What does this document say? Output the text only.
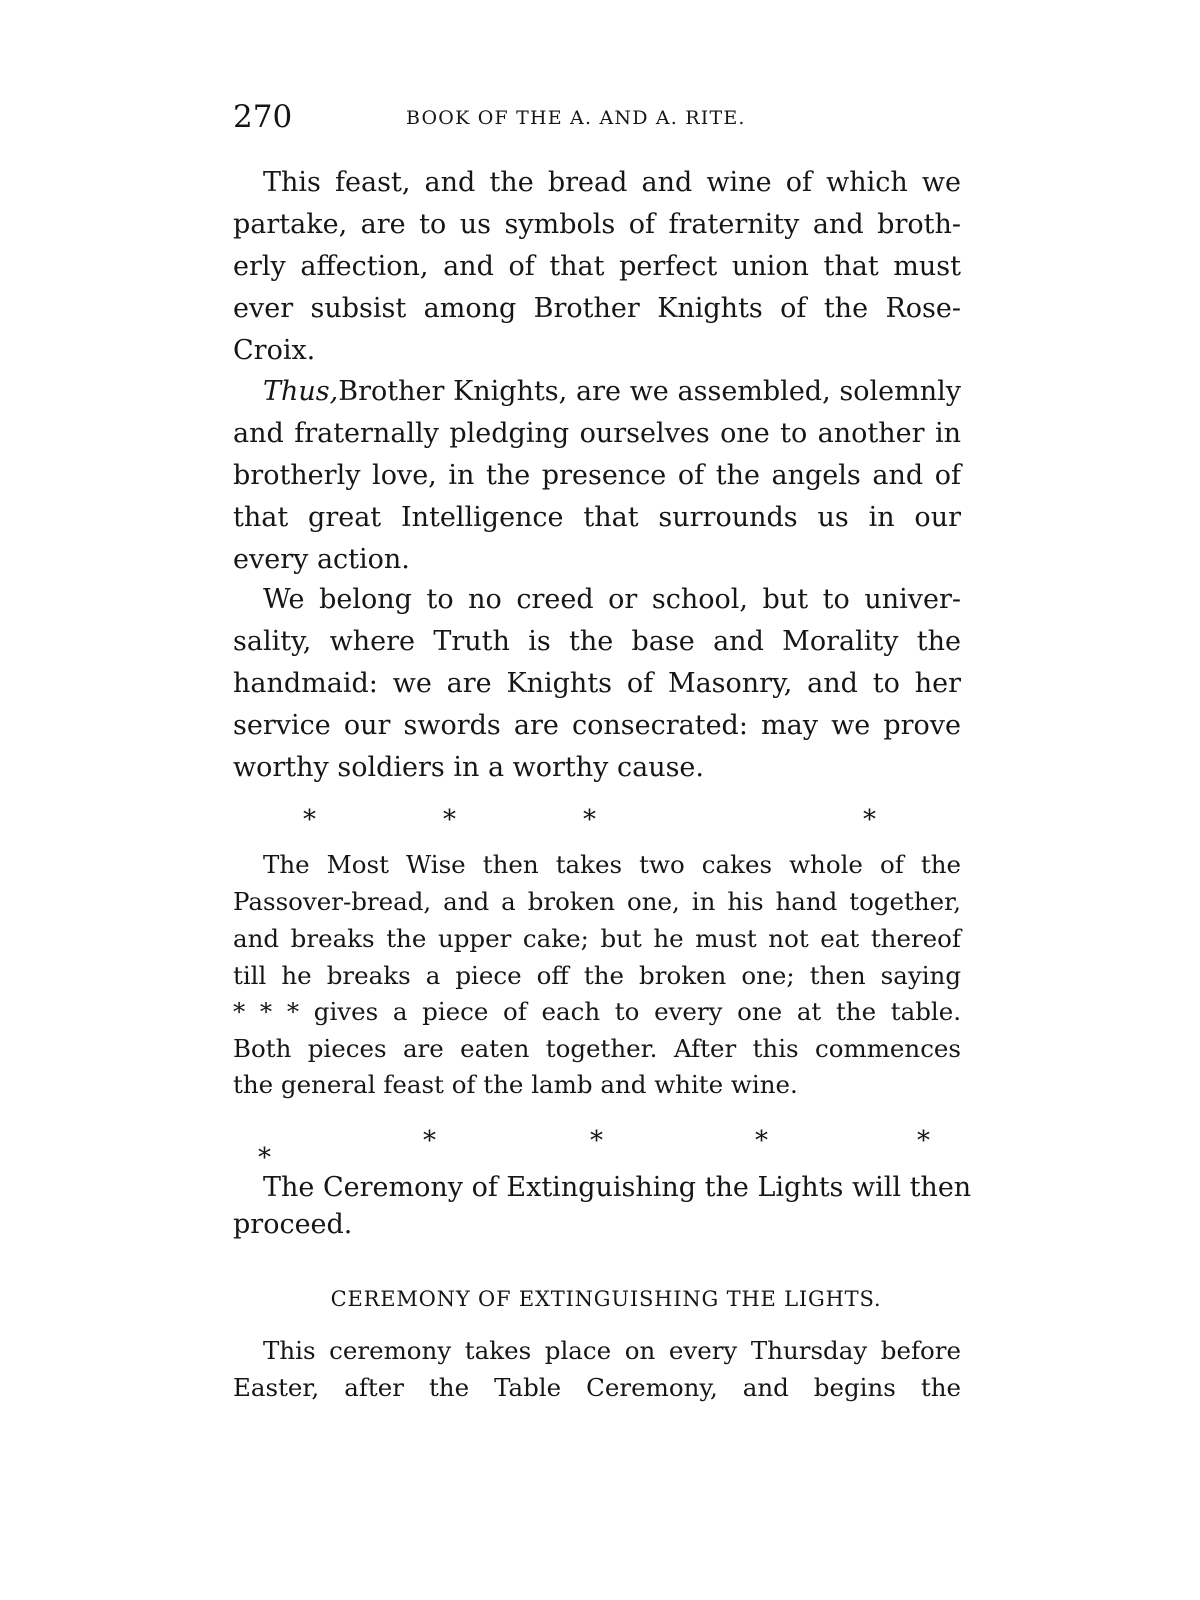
270	BOOK OF THE A. AND A. RITE.
This feast, and the bread and wine of which we
partake, are to us symbols of fraternity and broth-
erly affection, and of that perfect union that must
ever subsist among Brother Knights of the Rose-
Croix.
Thus, Brother Knights, are we assembled, solemnly
and fraternally pledging ourselves one to another in
brotherly love, in the presence of the angels and of
that great Intelligence that surrounds us in our
every action.
We belong to no creed or school, but to univer-
sality, where Truth is the base and Morality the
handmaid: we are Knights of Masonry, and to her
service our swords are consecrated: may we prove
worthy soldiers in a worthy cause.
*	*	*	*
The Most Wise then takes two cakes whole of the
Passover-bread, and a broken one, in his hand together,
and breaks the upper cake; but he must not eat thereof
till he breaks a piece off the broken one; then saying
* * * gives a piece of each to every one at the table.
Both pieces are eaten together. After this commences
the general feast of the lamb and white wine.
*	*	*	*
*
The Ceremony of Extinguishing the Lights will then
proceed.
CEREMONY OF EXTINGUISHING THE LIGHTS.
This ceremony takes place on every Thursday before
Easter, after the Table Ceremony, and begins the
